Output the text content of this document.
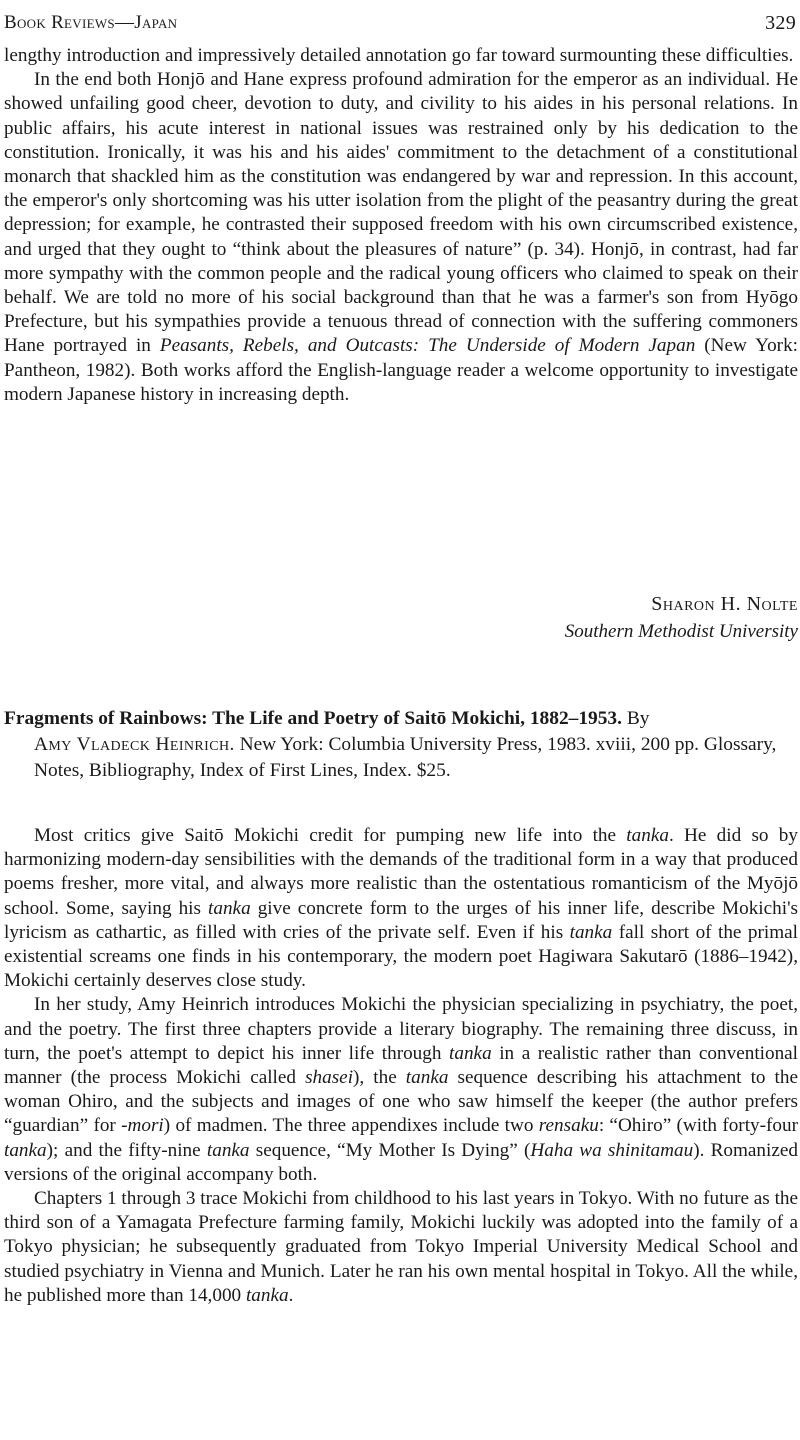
Book Reviews—Japan	329

lengthy introduction and impressively detailed annotation go far toward surmounting these difficulties.

In the end both Honjō and Hane express profound admiration for the emperor as an individual. He showed unfailing good cheer, devotion to duty, and civility to his aides in his personal relations. In public affairs, his acute interest in national issues was restrained only by his dedication to the constitution. Ironically, it was his and his aides' commitment to the detachment of a constitutional monarch that shackled him as the constitution was endangered by war and repression. In this account, the emperor's only shortcoming was his utter isolation from the plight of the peasantry during the great depression; for example, he contrasted their supposed freedom with his own circumscribed existence, and urged that they ought to “think about the pleasures of nature” (p. 34). Honjō, in contrast, had far more sympathy with the common people and the radical young officers who claimed to speak on their behalf. We are told no more of his social background than that he was a farmer's son from Hyōgo Prefecture, but his sympathies provide a tenuous thread of connection with the suffering commoners Hane portrayed in Peasants, Rebels, and Outcasts: The Underside of Modern Japan (New York: Pantheon, 1982). Both works afford the English-language reader a welcome opportunity to investigate modern Japanese history in increasing depth.

Sharon H. Nolte
Southern Methodist University
Fragments of Rainbows: The Life and Poetry of Saitō Mokichi, 1882–1953. By

Amy Vladeck Heinrich. New York: Columbia University Press, 1983. xviii, 200 pp. Glossary, Notes, Bibliography, Index of First Lines, Index. $25.

Most critics give Saitō Mokichi credit for pumping new life into the tanka. He did so by harmonizing modern-day sensibilities with the demands of the traditional form in a way that produced poems fresher, more vital, and always more realistic than the ostentatious romanticism of the Myōjō school. Some, saying his tanka give concrete form to the urges of his inner life, describe Mokichi's lyricism as cathartic, as filled with cries of the private self. Even if his tanka fall short of the primal existential screams one finds in his contemporary, the modern poet Hagiwara Sakutarō (1886–1942), Mokichi certainly deserves close study.

In her study, Amy Heinrich introduces Mokichi the physician specializing in psychiatry, the poet, and the poetry. The first three chapters provide a literary biography. The remaining three discuss, in turn, the poet's attempt to depict his inner life through tanka in a realistic rather than conventional manner (the process Mokichi called shasei), the tanka sequence describing his attachment to the woman Ohiro, and the subjects and images of one who saw himself the keeper (the author prefers “guardian” for -mori) of madmen. The three appendixes include two rensaku: “Ohiro” (with forty-four tanka); and the fifty-nine tanka sequence, “My Mother Is Dying” (Haha wa shinitamau). Romanized versions of the original accompany both.

Chapters 1 through 3 trace Mokichi from childhood to his last years in Tokyo. With no future as the third son of a Yamagata Prefecture farming family, Mokichi luckily was adopted into the family of a Tokyo physician; he subsequently graduated from Tokyo Imperial University Medical School and studied psychiatry in Vienna and Munich. Later he ran his own mental hospital in Tokyo. All the while, he published more than 14,000 tanka.
